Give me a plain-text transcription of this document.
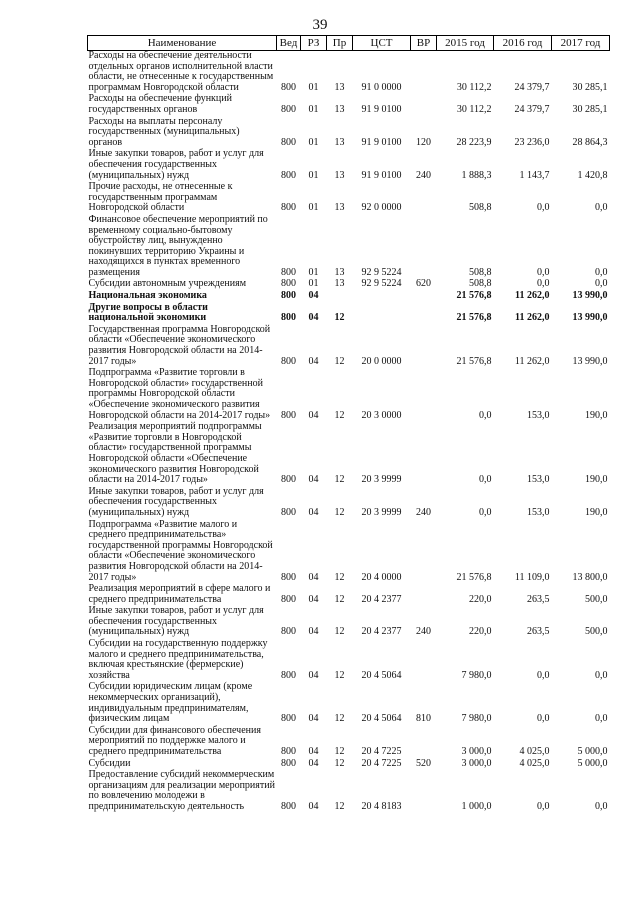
39
Наименование	Вед	РЗ	Пр	ЦСТ	ВР	2015 год	2016 год	2017 год
Расходы на обеспечение деятельности отдельных органов исполнительной власти области, не отнесенные к государственным программам Новгородской области	800	01	13	91 0 0000		30 112,2	24 379,7	30 285,1
Расходы на обеспечение функций государственных органов	800	01	13	91 9 0100		30 112,2	24 379,7	30 285,1
Расходы на выплаты персоналу государственных (муниципальных) органов	800	01	13	91 9 0100	120	28 223,9	23 236,0	28 864,3
Иные закупки товаров, работ и услуг для обеспечения государственных (муниципальных) нужд	800	01	13	91 9 0100	240	1 888,3	1 143,7	1 420,8
Прочие расходы, не отнесенные к государственным программам Новгородской области	800	01	13	92 0 0000		508,8	0,0	0,0
Финансовое обеспечение мероприятий по временному социально-бытовому обустройству лиц, вынужденно покинувших территорию Украины и находящихся в пунктах временного размещения	800	01	13	92 9 5224		508,8	0,0	0,0
Субсидии автономным учреждениям	800	01	13	92 9 5224	620	508,8	0,0	0,0
Национальная экономика	800	04				21 576,8	11 262,0	13 990,0
Другие вопросы в области национальной экономики	800	04	12			21 576,8	11 262,0	13 990,0
Государственная программа Новгородской области «Обеспечение экономического развития Новгородской области на 2014-2017 годы»	800	04	12	20 0 0000		21 576,8	11 262,0	13 990,0
Подпрограмма «Развитие торговли в Новгородской области» государственной программы Новгородской области «Обеспечение экономического развития Новгородской области на 2014-2017 годы»	800	04	12	20 3 0000		0,0	153,0	190,0
Реализация мероприятий подпрограммы «Развитие торговли в Новгородской области» государственной программы Новгородской области «Обеспечение экономического развития Новгородской области на 2014-2017 годы»	800	04	12	20 3 9999		0,0	153,0	190,0
Иные закупки товаров, работ и услуг для обеспечения государственных (муниципальных) нужд	800	04	12	20 3 9999	240	0,0	153,0	190,0
Подпрограмма «Развитие малого и среднего предпринимательства» государственной программы Новгородской области «Обеспечение экономического развития Новгородской области на 2014-2017 годы»	800	04	12	20 4 0000		21 576,8	11 109,0	13 800,0
Реализация мероприятий в сфере малого и среднего предпринимательства	800	04	12	20 4 2377		220,0	263,5	500,0
Иные закупки товаров, работ и услуг для обеспечения государственных (муниципальных) нужд	800	04	12	20 4 2377	240	220,0	263,5	500,0
Субсидии на государственную поддержку малого и среднего предпринимательства, включая крестьянские (фермерские) хозяйства	800	04	12	20 4 5064		7 980,0	0,0	0,0
Субсидии юридическим лицам (кроме некоммерческих организаций), индивидуальным предпринимателям, физическим лицам	800	04	12	20 4 5064	810	7 980,0	0,0	0,0
Субсидии для финансового обеспечения мероприятий по поддержке малого и среднего предпринимательства	800	04	12	20 4 7225		3 000,0	4 025,0	5 000,0
Субсидии	800	04	12	20 4 7225	520	3 000,0	4 025,0	5 000,0
Предоставление субсидий некоммерческим организациям для реализации мероприятий по вовлечению молодежи в предпринимательскую деятельность	800	04	12	20 4 8183		1 000,0	0,0	0,0
